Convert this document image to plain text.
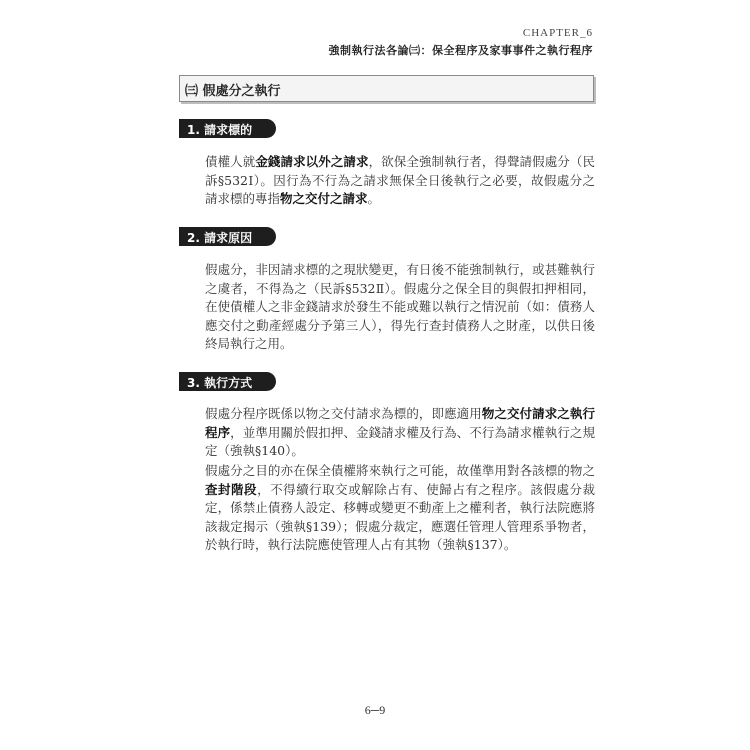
CHAPTER_6
強制執行法各論㈢：保全程序及家事事件之執行程序
㈢ 假處分之執行
1. 請求標的
債權人就金錢請求以外之請求，欲保全強制執行者，得聲請假處分（民訴§532Ⅰ）。因行為不行為之請求無保全日後執行之必要，故假處分之請求標的專指物之交付之請求。
2. 請求原因
假處分，非因請求標的之現狀變更，有日後不能強制執行，或甚難執行之虞者，不得為之（民訴§532Ⅱ）。假處分之保全目的與假扣押相同，在使債權人之非金錢請求於發生不能或難以執行之情況前（如：債務人應交付之動產經處分予第三人），得先行查封債務人之財產，以供日後終局執行之用。
3. 執行方式
假處分程序既係以物之交付請求為標的，即應適用物之交付請求之執行程序，並準用關於假扣押、金錢請求權及行為、不行為請求權執行之規定（強執§140）。
假處分之目的亦在保全債權將來執行之可能，故僅準用對各該標的物之查封階段，不得續行取交或解除占有、使歸占有之程序。該假處分裁定，係禁止債務人設定、移轉或變更不動產上之權利者，執行法院應將該裁定揭示（強執§139）；假處分裁定，應選任管理人管理系爭物者，於執行時，執行法院應使管理人占有其物（強執§137）。
6─9
